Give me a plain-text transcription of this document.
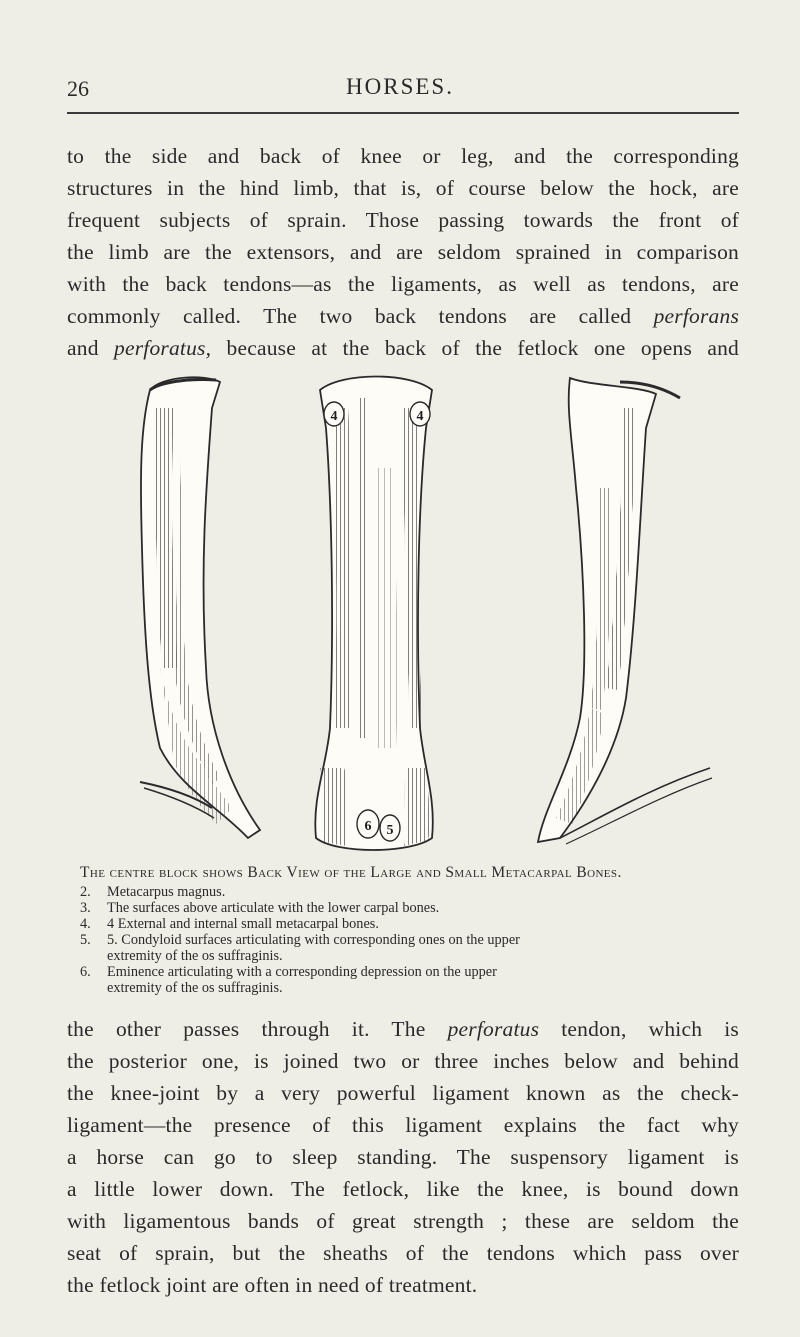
26	HORSES.
to the side and back of knee or leg, and the corresponding
structures in the hind limb, that is, of course below the hock, are
frequent subjects of sprain. Those passing towards the front of
the limb are the extensors, and are seldom sprained in comparison
with the back tendons—as the ligaments, as well as tendons, are
commonly called. The two back tendons are called perforans
and perforatus, because at the back of the fetlock one opens and
4	4
6 5
The centre block shows Back View of the Large and Small Metacarpal Bones.
2.	Metacarpus magnus.
3.	The surfaces above articulate with the lower carpal bones.
4.	4 External and internal small metacarpal bones.
5.	5. Condyloid surfaces articulating with corresponding ones on the upper
extremity of the os suffraginis.
6.	Eminence articulating with a corresponding depression on the upper
extremity of the os suffraginis.
the other passes through it. The perforatus tendon, which is
the posterior one, is joined two or three inches below and behind
the knee-joint by a very powerful ligament known as the check-
ligament—the presence of this ligament explains the fact why
a horse can go to sleep standing. The suspensory ligament is
a little lower down. The fetlock, like the knee, is bound down
with ligamentous bands of great strength ; these are seldom the
seat of sprain, but the sheaths of the tendons which pass over
the fetlock joint are often in need of treatment.
